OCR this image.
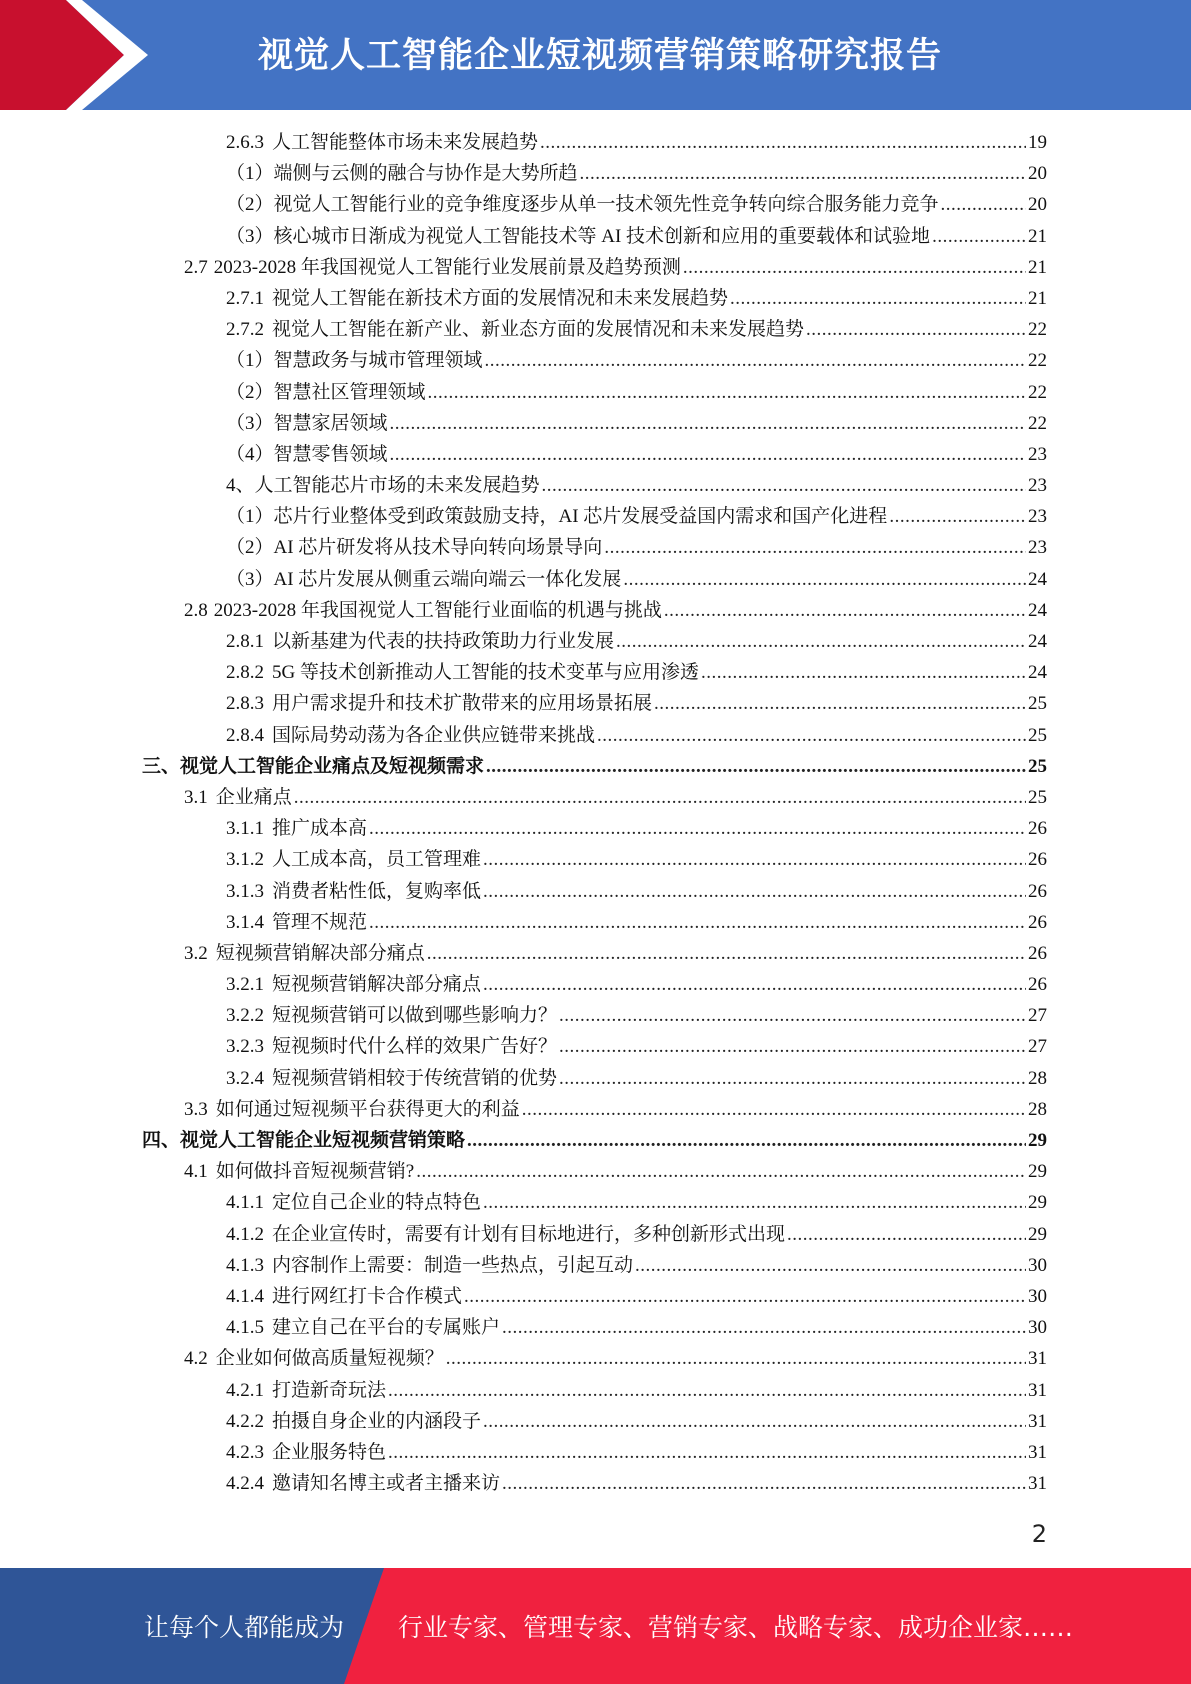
视觉人工智能企业短视频营销策略研究报告
2.6.3 人工智能整体市场未来发展趋势 .....	19
（1）端侧与云侧的融合与协作是大势所趋 .....	20
（2）视觉人工智能行业的竞争维度逐步从单一技术领先性竞争转向综合服务能力竞争 .....	20
（3）核心城市日渐成为视觉人工智能技术等 AI 技术创新和应用的重要载体和试验地 .....	21
2.7 2023-2028 年我国视觉人工智能行业发展前景及趋势预测 .....	21
2.7.1 视觉人工智能在新技术方面的发展情况和未来发展趋势 .....	21
2.7.2 视觉人工智能在新产业、新业态方面的发展情况和未来发展趋势 .....	22
（1）智慧政务与城市管理领域 .....	22
（2）智慧社区管理领域 .....	22
（3）智慧家居领域 .....	22
（4）智慧零售领域 .....	23
4、人工智能芯片市场的未来发展趋势 .....	23
（1）芯片行业整体受到政策鼓励支持，AI 芯片发展受益国内需求和国产化进程 .....	23
（2）AI 芯片研发将从技术导向转向场景导向 .....	23
（3）AI 芯片发展从侧重云端向端云一体化发展 .....	24
2.8 2023-2028 年我国视觉人工智能行业面临的机遇与挑战 .....	24
2.8.1 以新基建为代表的扶持政策助力行业发展 .....	24
2.8.2 5G 等技术创新推动人工智能的技术变革与应用渗透 .....	24
2.8.3 用户需求提升和技术扩散带来的应用场景拓展 .....	25
2.8.4 国际局势动荡为各企业供应链带来挑战 .....	25
三、视觉人工智能企业痛点及短视频需求 .....	25
3.1 企业痛点 .....	25
3.1.1 推广成本高 .....	26
3.1.2 人工成本高，员工管理难 .....	26
3.1.3 消费者粘性低，复购率低 .....	26
3.1.4 管理不规范 .....	26
3.2 短视频营销解决部分痛点 .....	26
3.2.1 短视频营销解决部分痛点 .....	26
3.2.2 短视频营销可以做到哪些影响力？ .....	27
3.2.3 短视频时代什么样的效果广告好？ .....	27
3.2.4 短视频营销相较于传统营销的优势 .....	28
3.3 如何通过短视频平台获得更大的利益 .....	28
四、视觉人工智能企业短视频营销策略 .....	29
4.1 如何做抖音短视频营销? .....	29
4.1.1 定位自己企业的特点特色 .....	29
4.1.2 在企业宣传时，需要有计划有目标地进行，多种创新形式出现 .....	29
4.1.3 内容制作上需要：制造一些热点，引起互动 .....	30
4.1.4 进行网红打卡合作模式 .....	30
4.1.5 建立自己在平台的专属账户 .....	30
4.2 企业如何做高质量短视频？ .....	31
4.2.1 打造新奇玩法 .....	31
4.2.2 拍摄自身企业的内涵段子 .....	31
4.2.3 企业服务特色 .....	31
4.2.4 邀请知名博主或者主播来访 .....	31
2
让每个人都能成为 行业专家、管理专家、营销专家、战略专家、成功企业家……
